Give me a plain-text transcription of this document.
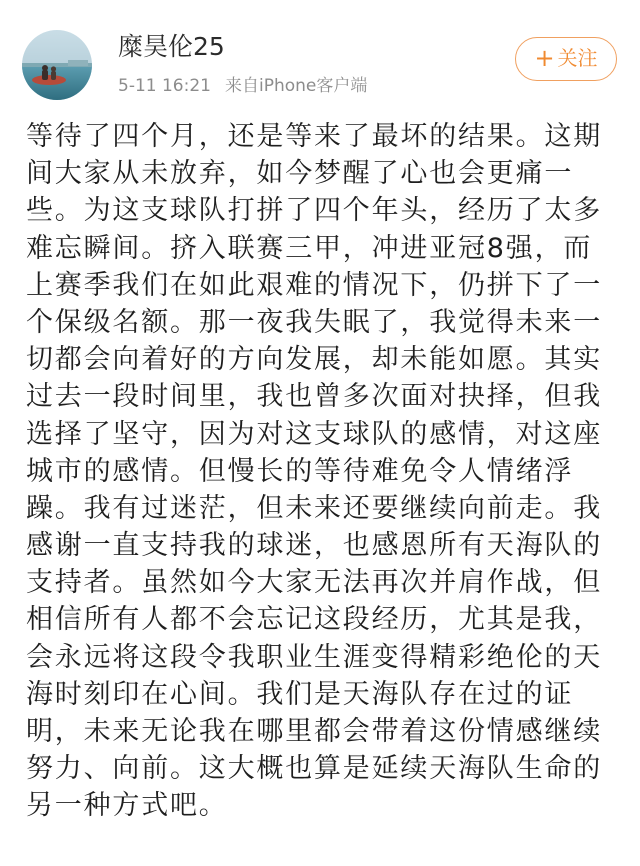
糜昊伦25
5-11 16:21 来自iPhone客户端
+ 关注
等待了四个月，还是等来了最坏的结果。这期
间大家从未放弃，如今梦醒了心也会更痛一
些。为这支球队打拼了四个年头，经历了太多
难忘瞬间。挤入联赛三甲，冲进亚冠8强，而
上赛季我们在如此艰难的情况下，仍拼下了一
个保级名额。那一夜我失眠了，我觉得未来一
切都会向着好的方向发展，却未能如愿。其实
过去一段时间里，我也曾多次面对抉择，但我
选择了坚守，因为对这支球队的感情，对这座
城市的感情。但慢长的等待难免令人情绪浮
躁。我有过迷茫，但未来还要继续向前走。我
感谢一直支持我的球迷，也感恩所有天海队的
支持者。虽然如今大家无法再次并肩作战，但
相信所有人都不会忘记这段经历，尤其是我，
会永远将这段令我职业生涯变得精彩绝伦的天
海时刻印在心间。我们是天海队存在过的证
明，未来无论我在哪里都会带着这份情感继续
努力、向前。这大概也算是延续天海队生命的
另一种方式吧。
